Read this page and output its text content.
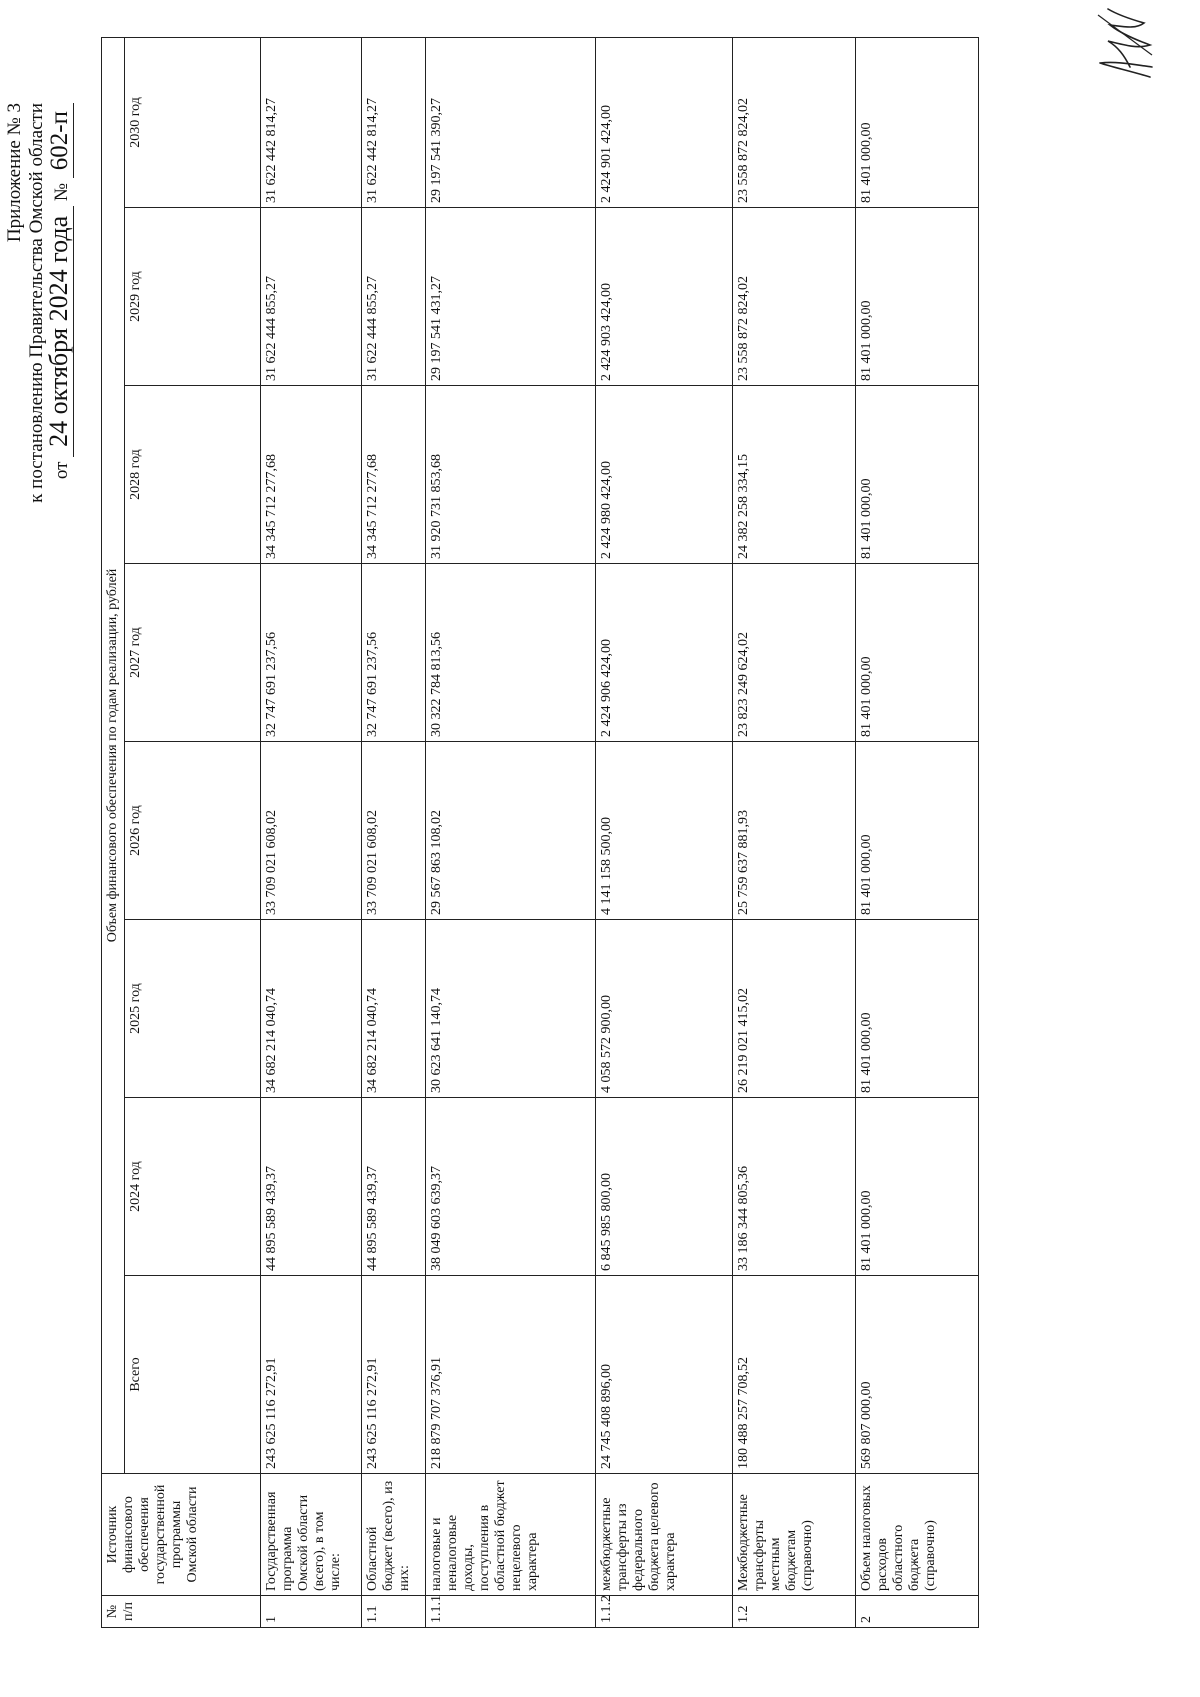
Приложение № 3 к постановлению Правительства Омской области от 24 октября 2024 года № 602-п
№ п/п	Источник финансового обеспечения государственной программы Омской области	Объем финансового обеспечения по годам реализации, рублей							
		Всего	2024 год	2025 год	2026 год	2027 год	2028 год	2029 год	2030 год
1	Государственная программа Омской области (всего), в том числе:	243 625 116 272,91	44 895 589 439,37	34 682 214 040,74	33 709 021 608,02	32 747 691 237,56	34 345 712 277,68	31 622 444 855,27	31 622 442 814,27
1.1	Областной бюджет (всего), из них:	243 625 116 272,91	44 895 589 439,37	34 682 214 040,74	33 709 021 608,02	32 747 691 237,56	34 345 712 277,68	31 622 444 855,27	31 622 442 814,27
1.1.1	налоговые и неналоговые доходы, поступления в областной бюджет нецелевого характера	218 879 707 376,91	38 049 603 639,37	30 623 641 140,74	29 567 863 108,02	30 322 784 813,56	31 920 731 853,68	29 197 541 431,27	29 197 541 390,27
1.1.2	межбюджетные трансферты из федерального бюджета целевого характера	24 745 408 896,00	6 845 985 800,00	4 058 572 900,00	4 141 158 500,00	2 424 906 424,00	2 424 980 424,00	2 424 903 424,00	2 424 901 424,00
1.2	Межбюджетные трансферты местным бюджетам (справочно)	180 488 257 708,52	33 186 344 805,36	26 219 021 415,02	25 759 637 881,93	23 823 249 624,02	24 382 258 334,15	23 558 872 824,02	23 558 872 824,02
2	Объем налоговых расходов областного бюджета (справочно)	569 807 000,00	81 401 000,00	81 401 000,00	81 401 000,00	81 401 000,00	81 401 000,00	81 401 000,00	81 401 000,00
